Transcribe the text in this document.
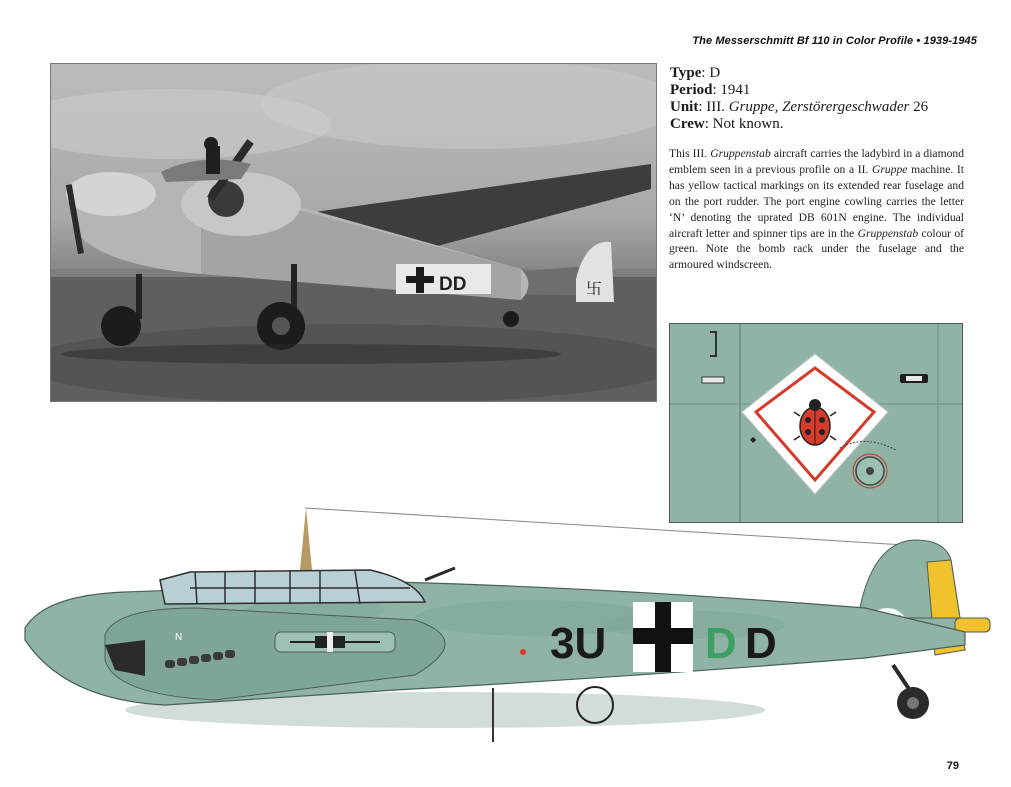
The Messerschmitt Bf 110 in Color Profile • 1939-1945
卐
DD
Type: D
Period: 1941
Unit: III. Gruppe, Zerstörergeschwader 26
Crew: Not known.
This III. Gruppenstab aircraft carries the ladybird in a diamond emblem seen in a previous profile on a II. Gruppe machine. It has yellow tactical markings on its extended rear fuselage and on the port rudder. The port engine cowling carries the letter ‘N’ denoting the uprated DB 601N engine. The individual aircraft letter and spinner tips are in the Gruppenstab colour of green. Note the bomb rack under the fuselage and the armoured windscreen.
◆
N	3U D D
79
